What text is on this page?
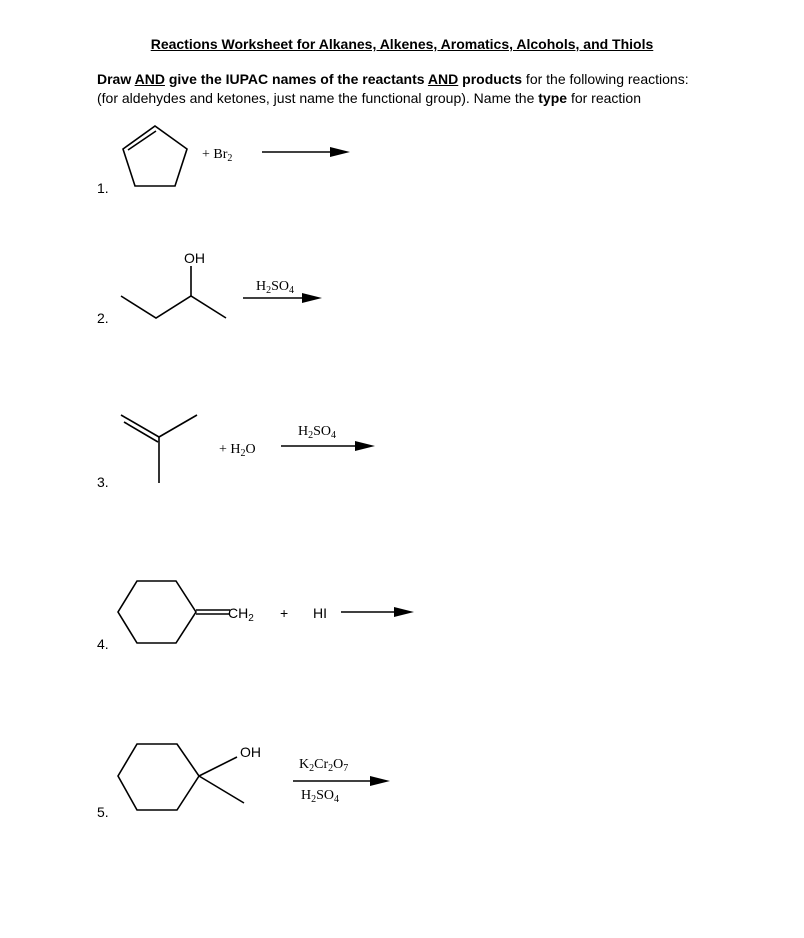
Reactions Worksheet for Alkanes, Alkenes, Aromatics, Alcohols, and Thiols
Draw AND give the IUPAC names of the reactants AND products for the following reactions:
(for aldehydes and ketones, just name the functional group). Name the type for reaction
1.
2.
3.
4.
5.
+ $Br_2$
OH
$H_2SO_4$
$H_2SO_4$
+ $H_2O$
$CH_2$ + HI
OH
$K_2Cr_2O_7$
$H_2SO_4$
